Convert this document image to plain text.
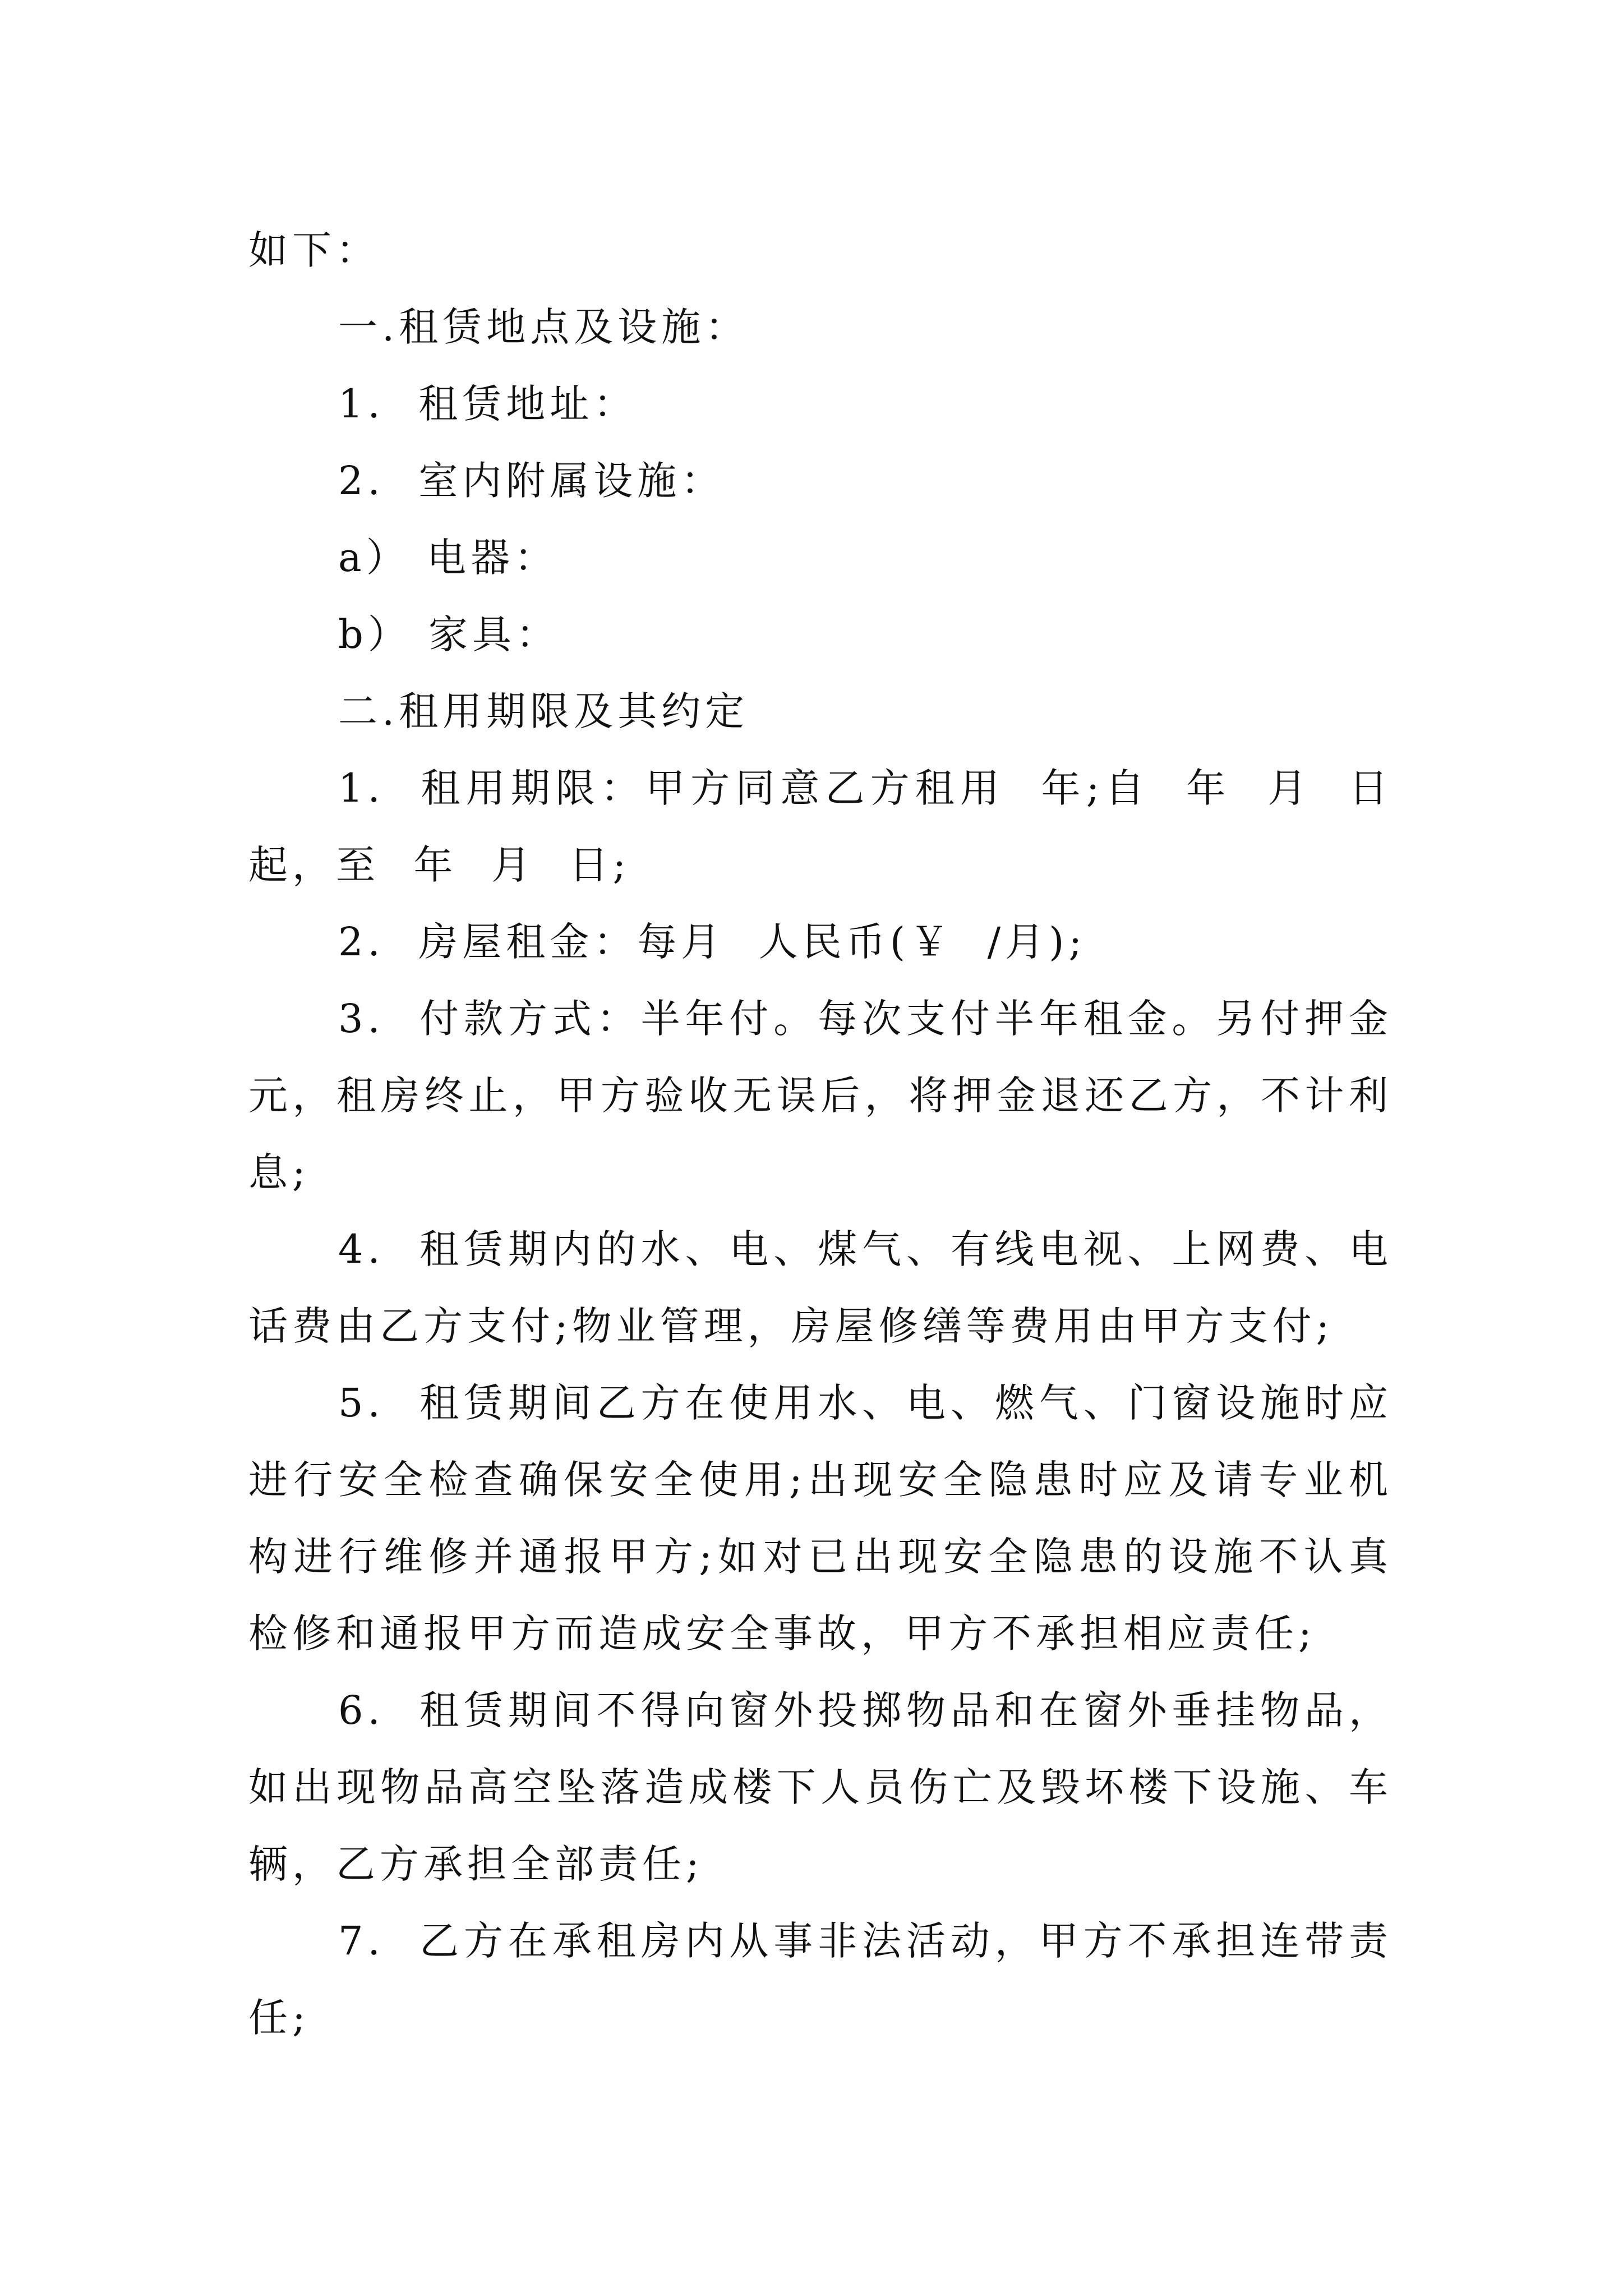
如下：

一.租赁地点及设施：

1.  租赁地址：

2.  室内附属设施：

a） 电器：

b） 家具：

二.租用期限及其约定

1.  租用期限：甲方同意乙方租用  年;自  年  月  日起，至  年  月  日;

2.  房屋租金：每月  人民币(￥  /月);

3.  付款方式：半年付。每次支付半年租金。另付押金  元，租房终止，甲方验收无误后，将押金退还乙方，不计利息;

4.  租赁期内的水、电、煤气、有线电视、上网费、电话费由乙方支付;物业管理，房屋修缮等费用由甲方支付;

5.  租赁期间乙方在使用水、电、燃气、门窗设施时应进行安全检查确保安全使用;出现安全隐患时应及请专业机构进行维修并通报甲方;如对已出现安全隐患的设施不认真检修和通报甲方而造成安全事故，甲方不承担相应责任;

6.  租赁期间不得向窗外投掷物品和在窗外垂挂物品，如出现物品高空坠落造成楼下人员伤亡及毁坏楼下设施、车辆，乙方承担全部责任;

7.  乙方在承租房内从事非法活动，甲方不承担连带责任;
